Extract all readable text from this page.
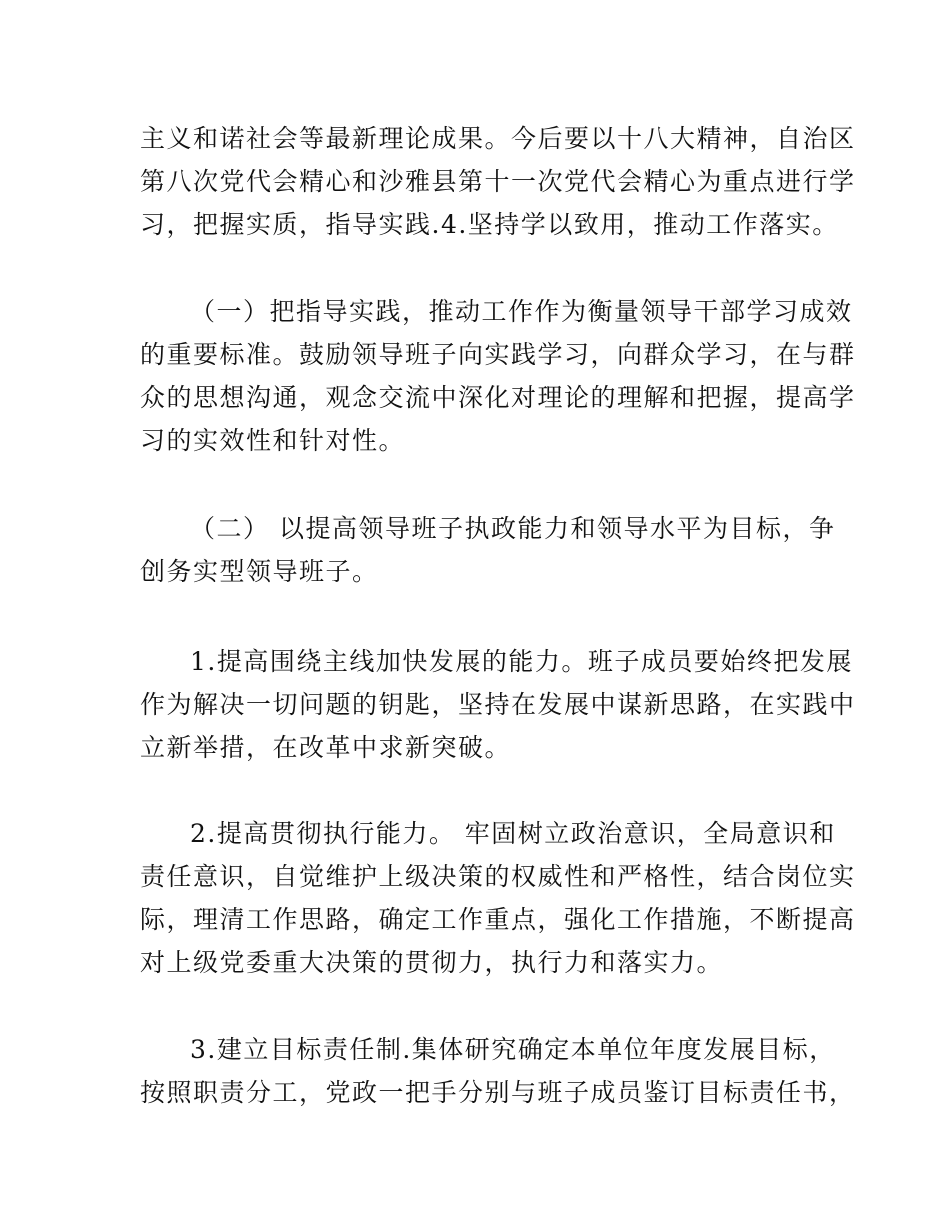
主义和诺社会等最新理论成果。今后要以十八大精神，自治区
第八次党代会精心和沙雅县第十一次党代会精心为重点进行学
习，把握实质，指导实践.4.坚持学以致用，推动工作落实。

（一）把指导实践，推动工作作为衡量领导干部学习成效
的重要标准。鼓励领导班子向实践学习，向群众学习，在与群
众的思想沟通，观念交流中深化对理论的理解和把握，提高学
习的实效性和针对性。

（二） 以提高领导班子执政能力和领导水平为目标，争
创务实型领导班子。

1.提高围绕主线加快发展的能力。班子成员要始终把发展
作为解决一切问题的钥匙，坚持在发展中谋新思路，在实践中
立新举措，在改革中求新突破。

2.提高贯彻执行能力。 牢固树立政治意识，全局意识和
责任意识，自觉维护上级决策的权威性和严格性，结合岗位实
际，理清工作思路，确定工作重点，强化工作措施，不断提高
对上级党委重大决策的贯彻力，执行力和落实力。

3.建立目标责任制.集体研究确定本单位年度发展目标，
按照职责分工，党政一把手分别与班子成员鉴订目标责任书，
